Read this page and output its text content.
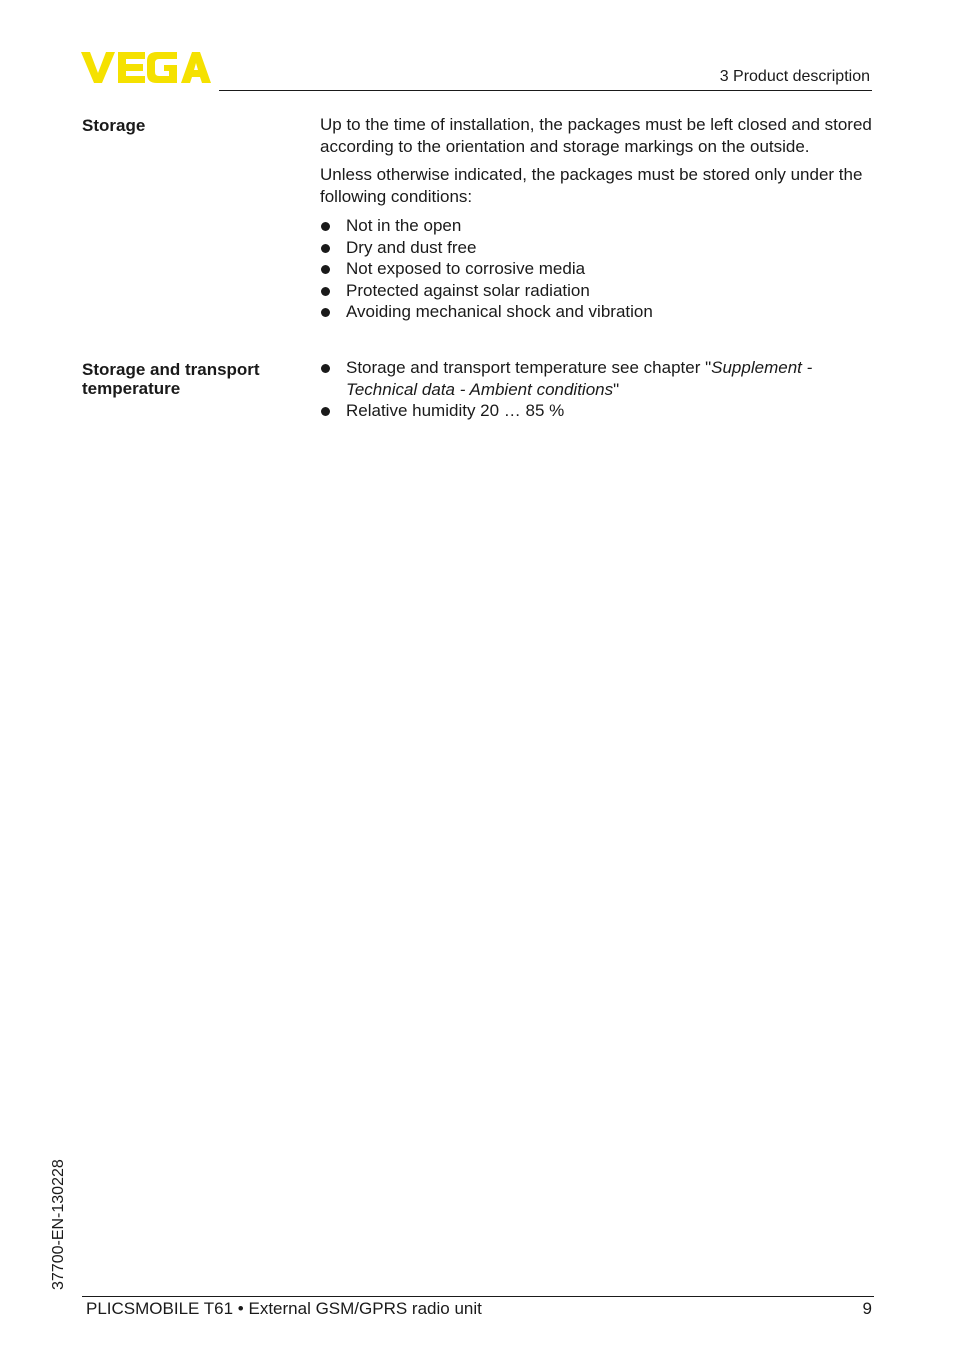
3 Product description
Storage	Up to the time of installation, the packages must be left closed and stored according to the orientation and storage markings on the outside.

Unless otherwise indicated, the packages must be stored only under the following conditions:

Not in the open
Dry and dust free
Not exposed to corrosive media
Protected against solar radiation
Avoiding mechanical shock and vibration
Storage and transport
temperature
Storage and transport temperature see chapter "Supplement - Technical data - Ambient conditions"
Relative humidity 20 … 85 %
37700-EN-130228
PLICSMOBILE T61 • External GSM/GPRS radio unit	9
